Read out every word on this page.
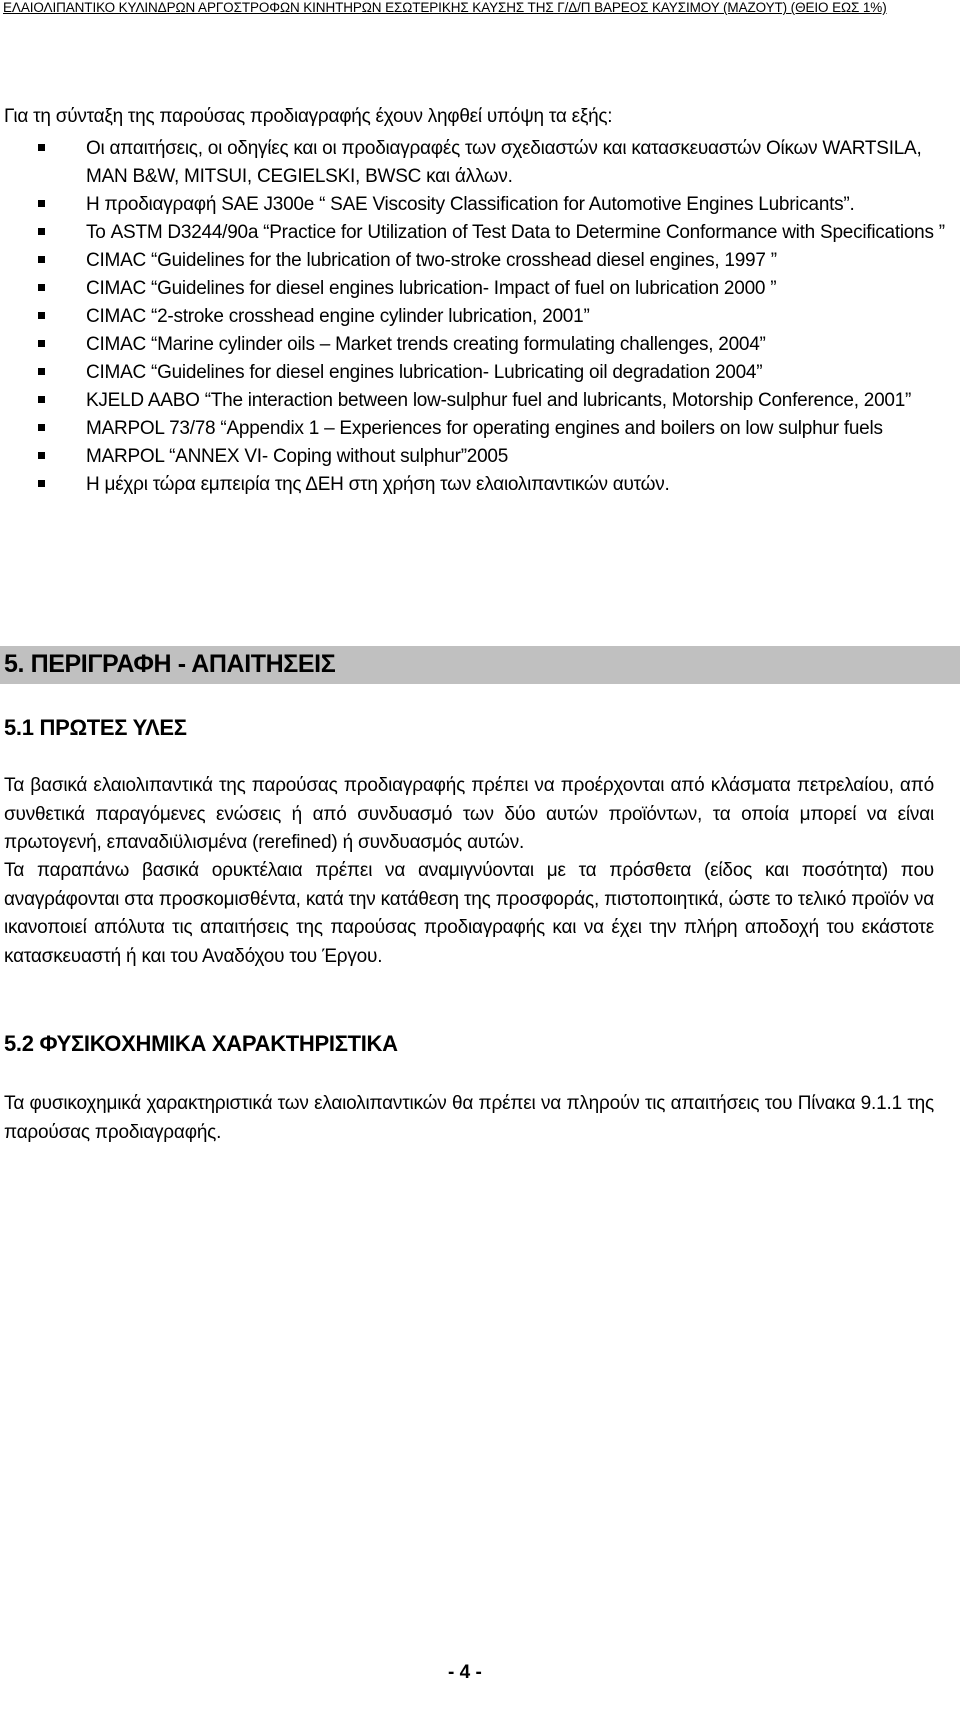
ΕΛΑΙΟΛΙΠΑΝΤΙΚΟ ΚΥΛΙΝΔΡΩΝ ΑΡΓΟΣΤΡΟΦΩΝ ΚΙΝΗΤΗΡΩΝ ΕΣΩΤΕΡΙΚΗΣ ΚΑΥΣΗΣ ΤΗΣ Γ/Δ/Π ΒΑΡΕΟΣ ΚΑΥΣΙΜΟΥ (ΜΑΖΟΥΤ) (ΘΕΙΟ ΕΩΣ 1%)
Για τη σύνταξη της παρούσας προδιαγραφής έχουν ληφθεί υπόψη τα εξής:
Οι απαιτήσεις, οι οδηγίες και οι προδιαγραφές των σχεδιαστών και κατασκευαστών Οίκων WARTSILA, MAN B&W, MITSUI, CEGIELSKI, BWSC και άλλων.
Η προδιαγραφή SAE J300e “ SAE Viscosity Classification for Automotive Engines Lubricants”.
Το ASTM D3244/90a “Practice for Utilization of Test Data to Determine Conformance with Specifications ”
CIMAC “Guidelines for the lubrication of two-stroke crosshead diesel engines, 1997 ”
CIMAC “Guidelines for diesel engines lubrication- Impact of fuel on lubrication 2000 ”
CIMAC “2-stroke crosshead engine cylinder lubrication, 2001”
CIMAC “Marine cylinder oils – Market trends creating formulating challenges, 2004”
CIMAC “Guidelines for diesel engines lubrication- Lubricating oil degradation 2004”
KJELD AABO “The interaction between low-sulphur fuel and lubricants, Motorship Conference, 2001”
MARPOL 73/78 “Appendix 1 – Experiences for operating engines and boilers on low sulphur fuels
MARPOL “ANNEX VI- Coping without sulphur”2005
Η μέχρι τώρα εμπειρία της ΔΕΗ στη χρήση των ελαιολιπαντικών αυτών.
5. ΠΕΡΙΓΡΑΦΗ - ΑΠΑΙΤΗΣΕΙΣ
5.1 ΠΡΩΤΕΣ ΥΛΕΣ
Τα βασικά ελαιολιπαντικά της παρούσας προδιαγραφής πρέπει να προέρχονται από κλάσματα πετρελαίου, από συνθετικά παραγόμενες ενώσεις ή από συνδυασμό των δύο αυτών προϊόντων, τα οποία μπορεί να είναι πρωτογενή, επαναδιϋλισμένα (rerefined) ή συνδυασμός αυτών.
Τα παραπάνω βασικά ορυκτέλαια πρέπει να αναμιγνύονται με τα πρόσθετα (είδος και ποσότητα) που αναγράφονται στα προσκομισθέντα, κατά την κατάθεση της προσφοράς, πιστοποιητικά, ώστε το τελικό προϊόν να ικανοποιεί απόλυτα τις απαιτήσεις της παρούσας προδιαγραφής και να έχει την πλήρη αποδοχή του εκάστοτε κατασκευαστή ή και του Αναδόχου του Έργου.
5.2 ΦΥΣΙΚΟΧΗΜΙΚΑ ΧΑΡΑΚΤΗΡΙΣΤΙΚΑ
Τα φυσικοχημικά χαρακτηριστικά των ελαιολιπαντικών θα πρέπει να πληρούν τις απαιτήσεις του Πίνακα 9.1.1 της παρούσας προδιαγραφής.
- 4 -
